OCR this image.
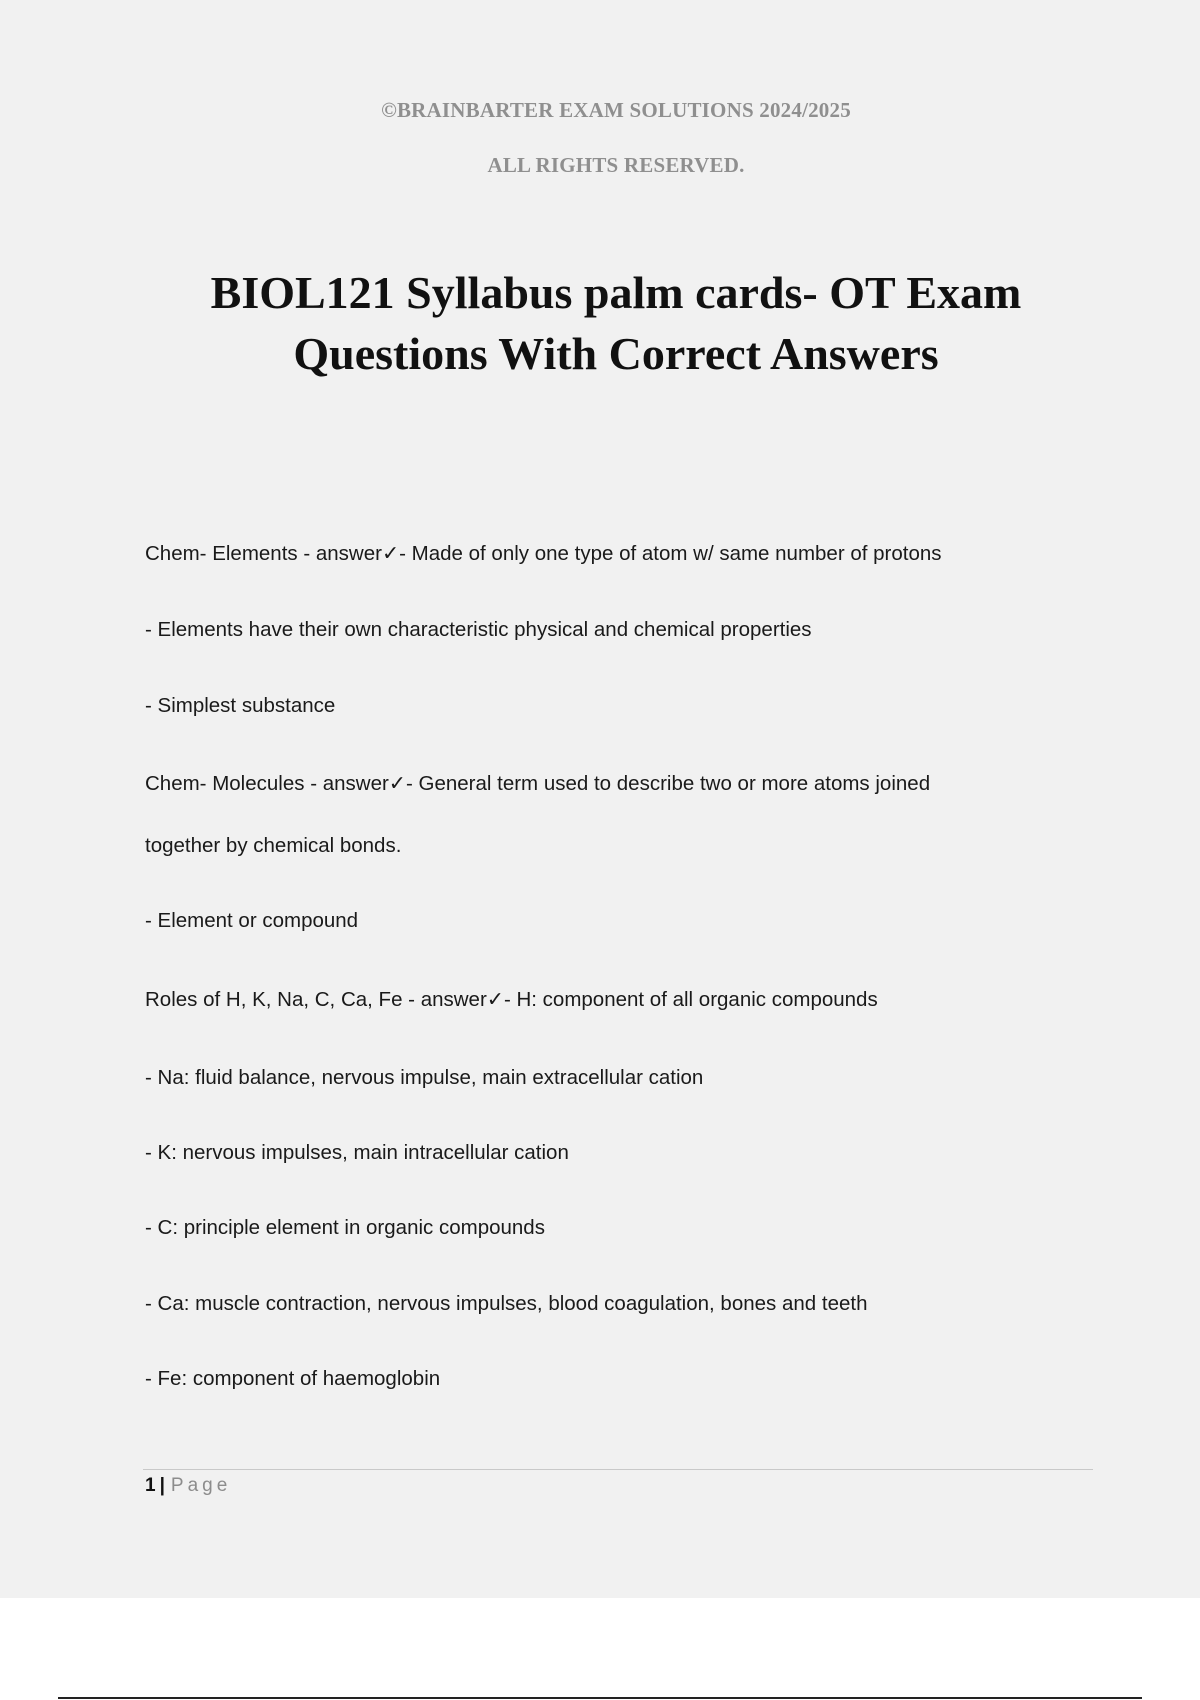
©BRAINBARTER EXAM SOLUTIONS 2024/2025
ALL RIGHTS RESERVED.
BIOL121 Syllabus palm cards- OT Exam
Questions With Correct Answers
Chem- Elements - answer✓- Made of only one type of atom w/ same number of protons
- Elements have their own characteristic physical and chemical properties
- Simplest substance
Chem- Molecules - answer✓- General term used to describe two or more atoms joined
together by chemical bonds.
- Element or compound
Roles of H, K, Na, C, Ca, Fe - answer✓- H: component of all organic compounds
- Na: fluid balance, nervous impulse, main extracellular cation
- K: nervous impulses, main intracellular cation
- C: principle element in organic compounds
- Ca: muscle contraction, nervous impulses, blood coagulation, bones and teeth
- Fe: component of haemoglobin
1 | Page
